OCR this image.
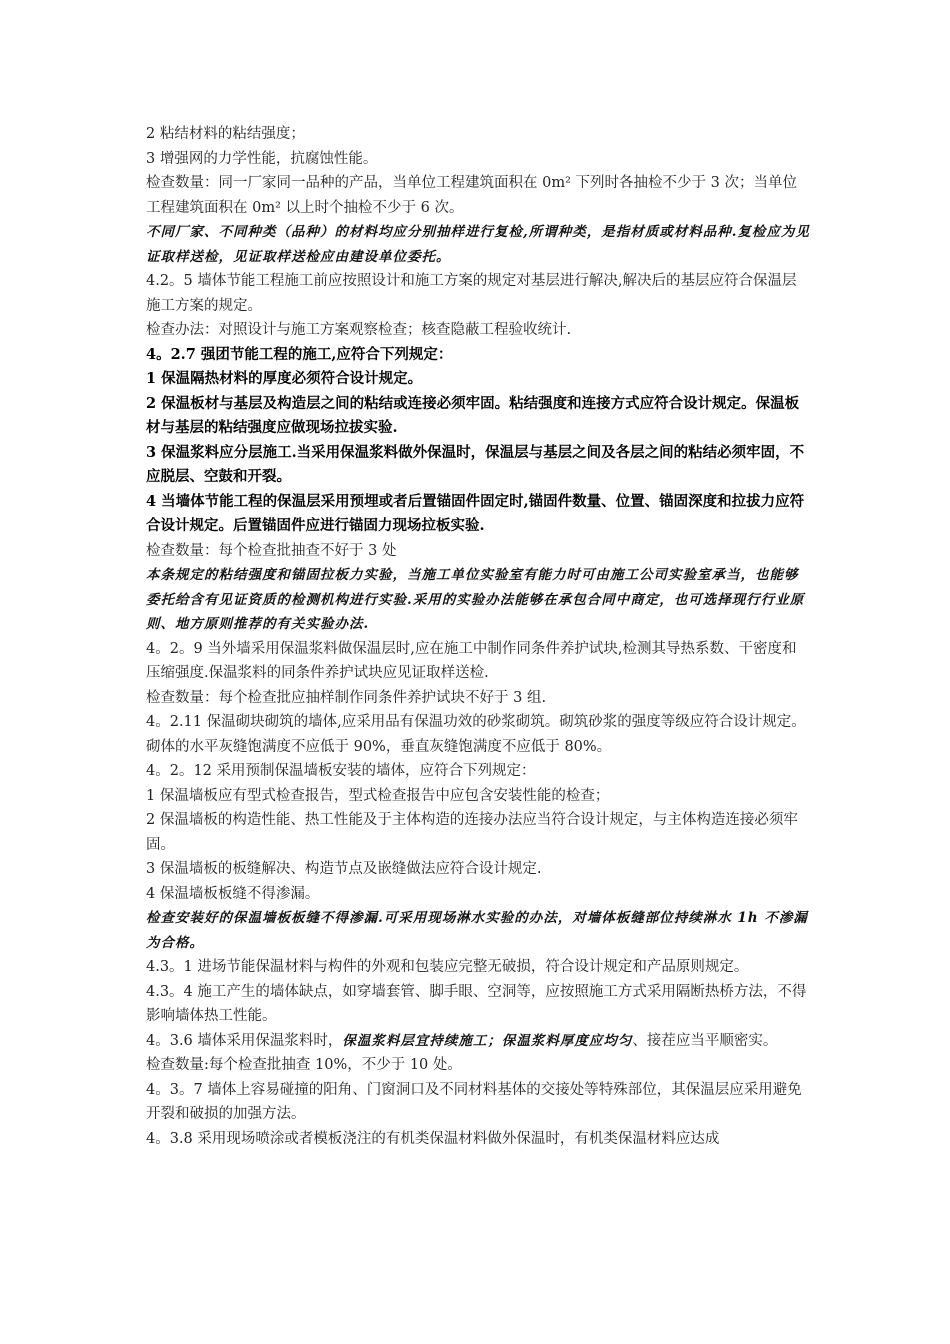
2 粘结材料的粘结强度；

3 增强网的力学性能，抗腐蚀性能。

检查数量：同一厂家同一品种的产品，当单位工程建筑面积在 0m² 下列时各抽检不少于 3 次；当单位工程建筑面积在 0m² 以上时个抽检不少于 6 次。

不同厂家、不同种类（品种）的材料均应分别抽样进行复检,所谓种类，是指材质或材料品种.复检应为见证取样送检，见证取样送检应由建设单位委托。

4.2。5 墙体节能工程施工前应按照设计和施工方案的规定对基层进行解决,解决后的基层应符合保温层施工方案的规定。

检查办法：对照设计与施工方案观察检查；核查隐蔽工程验收统计.

4。2.7 强团节能工程的施工,应符合下列规定：

1 保温隔热材料的厚度必须符合设计规定。

2 保温板材与基层及构造层之间的粘结或连接必须牢固。粘结强度和连接方式应符合设计规定。保温板材与基层的粘结强度应做现场拉拔实验.

3 保温浆料应分层施工.当采用保温浆料做外保温时，保温层与基层之间及各层之间的粘结必须牢固，不应脱层、空鼓和开裂。

4 当墙体节能工程的保温层采用预埋或者后置锚固件固定时,锚固件数量、位置、锚固深度和拉拔力应符合设计规定。后置锚固件应进行锚固力现场拉板实验.

检查数量：每个检查批抽查不好于 3 处

本条规定的粘结强度和锚固拉板力实验，当施工单位实验室有能力时可由施工公司实验室承当，也能够委托给含有见证资质的检测机构进行实验.采用的实验办法能够在承包合同中商定，也可选择现行行业原则、地方原则推荐的有关实验办法.

4。2。9 当外墙采用保温浆料做保温层时,应在施工中制作同条件养护试块,检测其导热系数、干密度和压缩强度.保温浆料的同条件养护试块应见证取样送检.

检查数量：每个检查批应抽样制作同条件养护试块不好于 3 组.

4。2.11 保温砌块砌筑的墙体,应采用品有保温功效的砂浆砌筑。砌筑砂浆的强度等级应符合设计规定。砌体的水平灰缝饱满度不应低于 90%，垂直灰缝饱满度不应低于 80%。

4。2。12 采用预制保温墙板安装的墙体，应符合下列规定：

1 保温墙板应有型式检查报告，型式检查报告中应包含安装性能的检查；

2 保温墙板的构造性能、热工性能及于主体构造的连接办法应当符合设计规定，与主体构造连接必须牢固。

3 保温墙板的板缝解决、构造节点及嵌缝做法应符合设计规定.

4 保温墙板板缝不得渗漏。

检查安装好的保温墙板板缝不得渗漏.可采用现场淋水实验的办法，对墙体板缝部位持续淋水 1h 不渗漏为合格。

4.3。1 进场节能保温材料与构件的外观和包装应完整无破损，符合设计规定和产品原则规定。

4.3。4 施工产生的墙体缺点，如穿墙套管、脚手眼、空洞等，应按照施工方式采用隔断热桥方法，不得影响墙体热工性能。

4。3.6 墙体采用保温浆料时，保温浆料层宜持续施工；保温浆料厚度应均匀、接茬应当平顺密实。

检查数量:每个检查批抽查 10%，不少于 10 处。

4。3。7 墙体上容易碰撞的阳角、门窗洞口及不同材料基体的交接处等特殊部位，其保温层应采用避免开裂和破损的加强方法。

4。3.8 采用现场喷涂或者模板浇注的有机类保温材料做外保温时，有机类保温材料应达成
